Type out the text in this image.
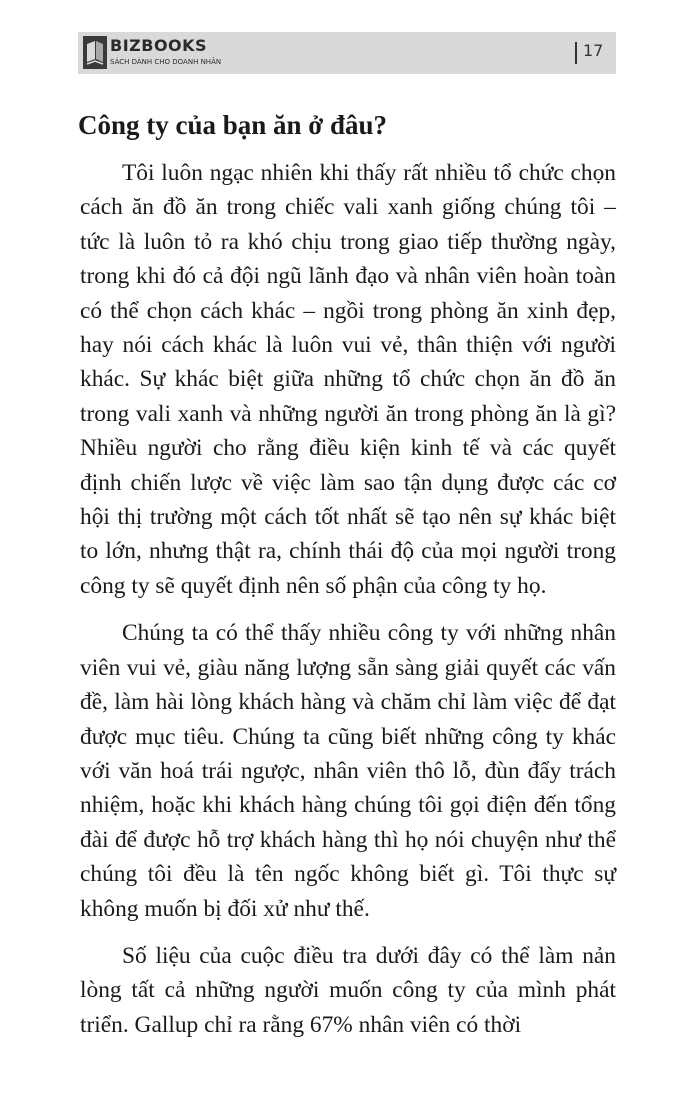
BIZBOOKS
SÁCH DÀNH CHO DOANH NHÂN
17
Công ty của bạn ăn ở đâu?

Tôi luôn ngạc nhiên khi thấy rất nhiều tổ chức chọn cách ăn đồ ăn trong chiếc vali xanh giống chúng tôi – tức là luôn tỏ ra khó chịu trong giao tiếp thường ngày, trong khi đó cả đội ngũ lãnh đạo và nhân viên hoàn toàn có thể chọn cách khác – ngồi trong phòng ăn xinh đẹp, hay nói cách khác là luôn vui vẻ, thân thiện với người khác. Sự khác biệt giữa những tổ chức chọn ăn đồ ăn trong vali xanh và những người ăn trong phòng ăn là gì? Nhiều người cho rằng điều kiện kinh tế và các quyết định chiến lược về việc làm sao tận dụng được các cơ hội thị trường một cách tốt nhất sẽ tạo nên sự khác biệt to lớn, nhưng thật ra, chính thái độ của mọi người trong công ty sẽ quyết định nên số phận của công ty họ.

Chúng ta có thể thấy nhiều công ty với những nhân viên vui vẻ, giàu năng lượng sẵn sàng giải quyết các vấn đề, làm hài lòng khách hàng và chăm chỉ làm việc để đạt được mục tiêu. Chúng ta cũng biết những công ty khác với văn hoá trái ngược, nhân viên thô lỗ, đùn đẩy trách nhiệm, hoặc khi khách hàng chúng tôi gọi điện đến tổng đài để được hỗ trợ khách hàng thì họ nói chuyện như thể chúng tôi đều là tên ngốc không biết gì. Tôi thực sự không muốn bị đối xử như thế.

Số liệu của cuộc điều tra dưới đây có thể làm nản lòng tất cả những người muốn công ty của mình phát triển. Gallup chỉ ra rằng 67% nhân viên có thời
